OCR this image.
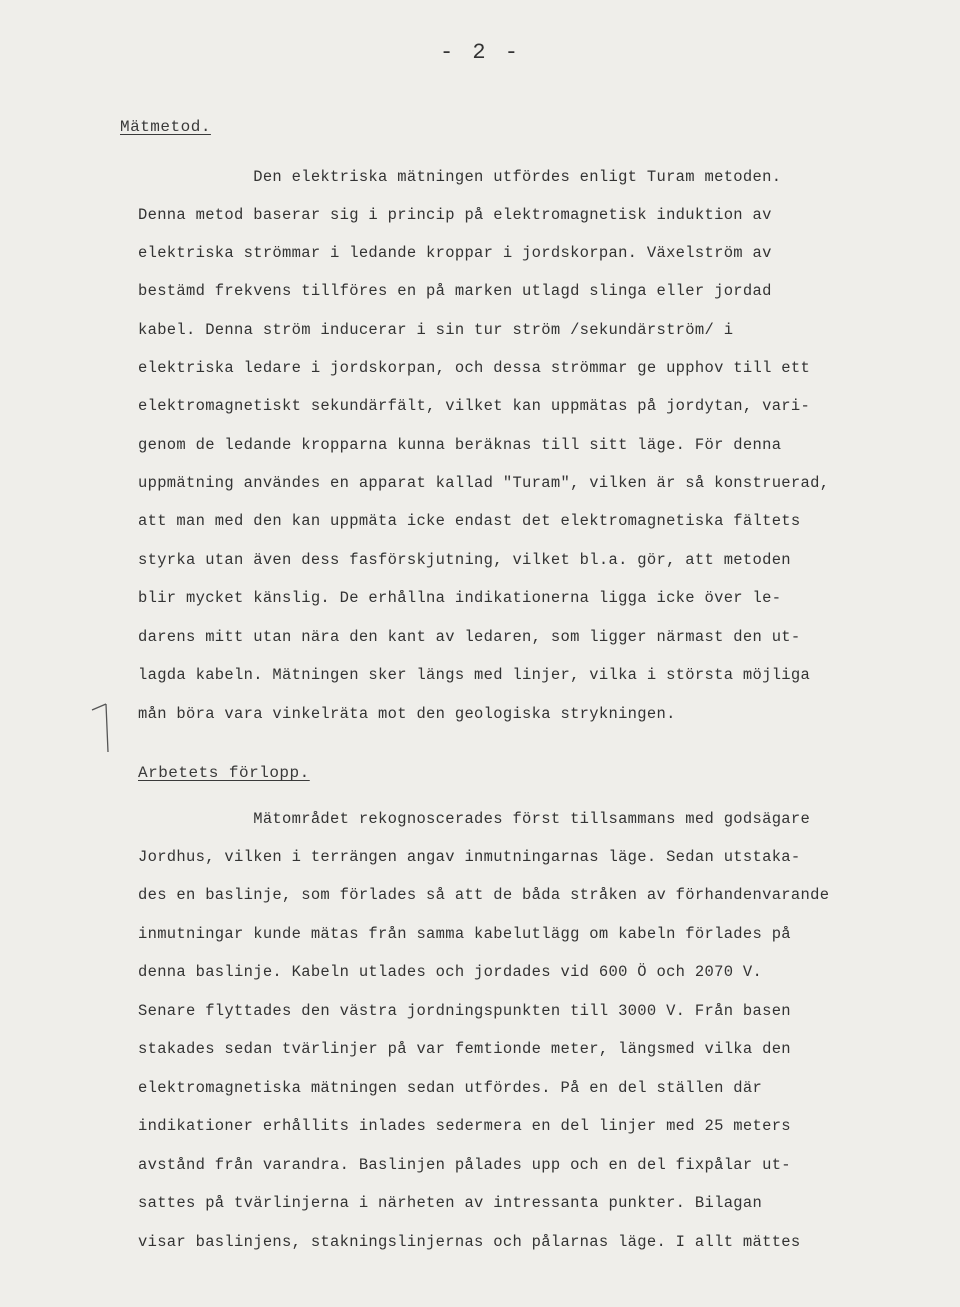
- 2 -
Mätmetod.
Den elektriska mätningen utfördes enligt Turam metoden.
Denna metod baserar sig i princip på elektromagnetisk induktion av
elektriska strömmar i ledande kroppar i jordskorpan. Växelström av
bestämd frekvens tillföres en på marken utlagd slinga eller jordad
kabel. Denna ström inducerar i sin tur ström /sekundärström/ i
elektriska ledare i jordskorpan, och dessa strömmar ge upphov till ett
elektromagnetiskt sekundärfält, vilket kan uppmätas på jordytan, vari-
genom de ledande kropparna kunna beräknas till sitt läge. För denna
uppmätning användes en apparat kallad "Turam", vilken är så konstruerad,
att man med den kan uppmäta icke endast det elektromagnetiska fältets
styrka utan även dess fasförskjutning, vilket bl.a. gör, att metoden
blir mycket känslig. De erhållna indikationerna ligga icke över le-
darens mitt utan nära den kant av ledaren, som ligger närmast den ut-
lagda kabeln. Mätningen sker längs med linjer, vilka i största möjliga
mån böra vara vinkelräta mot den geologiska strykningen.
Arbetets förlopp.
Mätområdet rekognoscerades först tillsammans med godsägare
Jordhus, vilken i terrängen angav inmutningarnas läge. Sedan utstaka-
des en baslinje, som förlades så att de båda stråken av förhandenvarande
inmutningar kunde mätas från samma kabelutlägg om kabeln förlades på
denna baslinje. Kabeln utlades och jordades vid 600 Ö och 2070 V.
Senare flyttades den västra jordningspunkten till 3000 V. Från basen
stakades sedan tvärlinjer på var femtionde meter, längsmed vilka den
elektromagnetiska mätningen sedan utfördes. På en del ställen där
indikationer erhållits inlades sedermera en del linjer med 25 meters
avstånd från varandra. Baslinjen pålades upp och en del fixpålar ut-
sattes på tvärlinjerna i närheten av intressanta punkter. Bilagan
visar baslinjens, stakningslinjernas och pålarnas läge. I allt mättes
